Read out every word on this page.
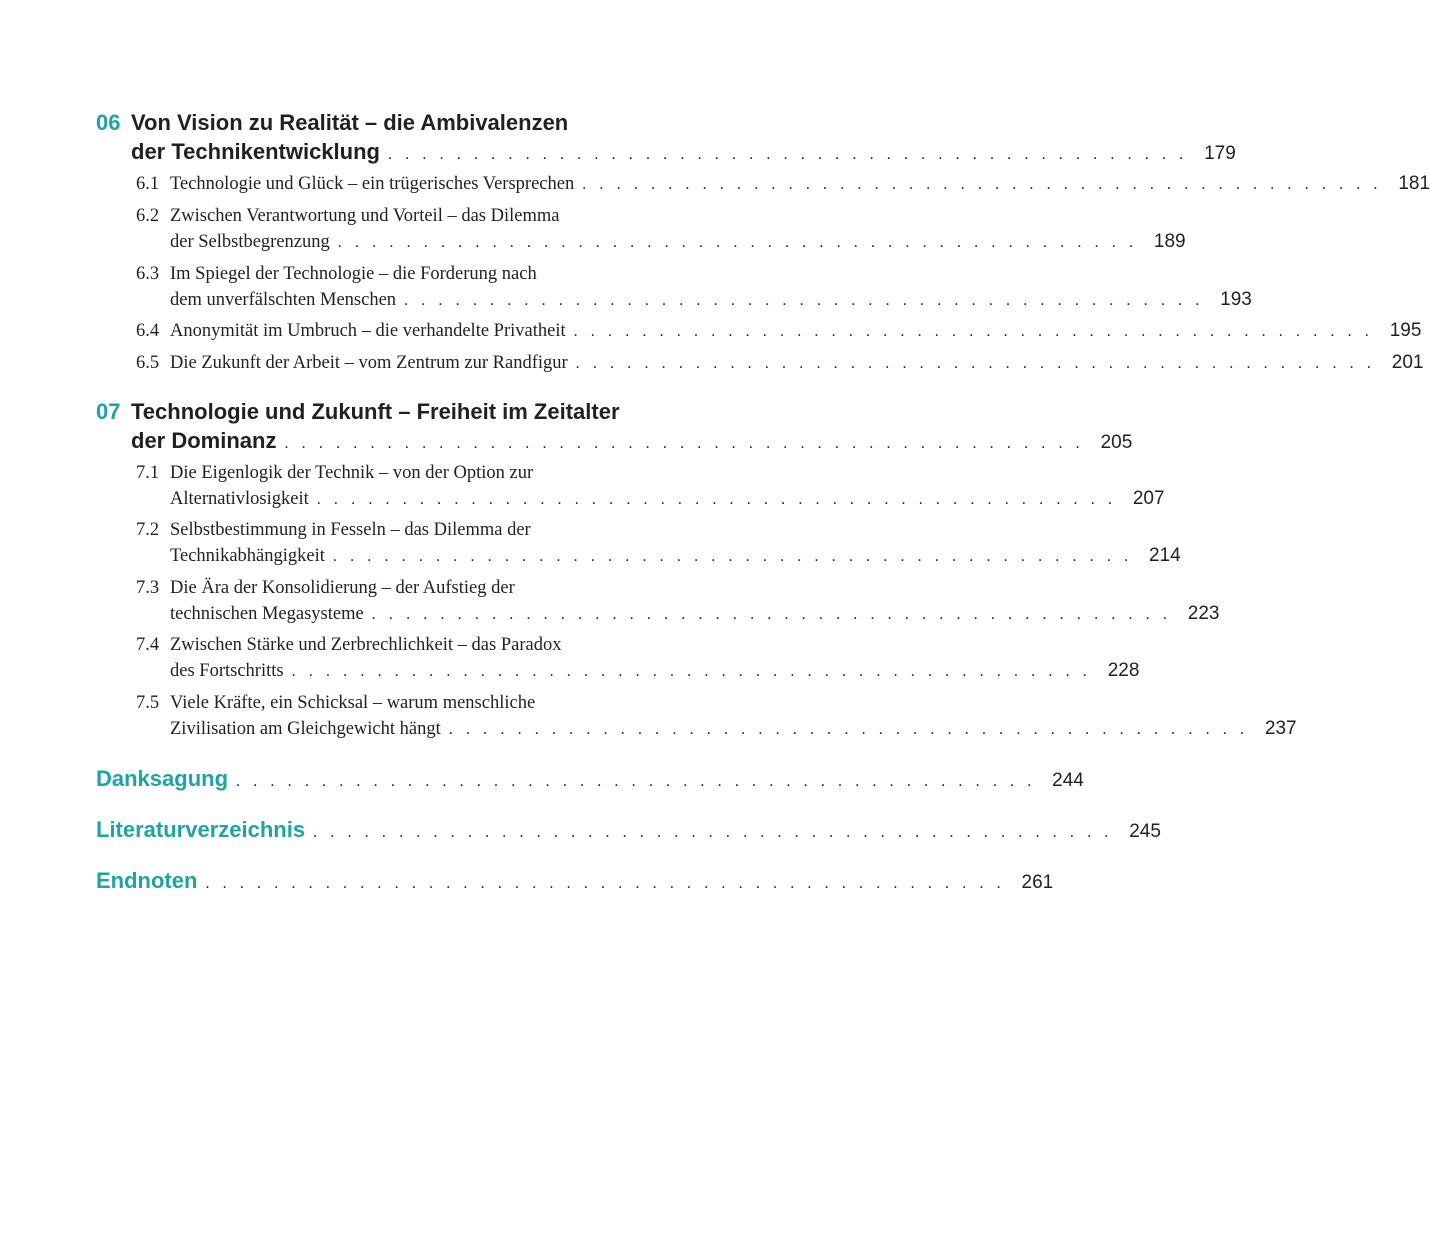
06 Von Vision zu Realität – die Ambivalenzen
der Technikentwicklung . . . . . . . . . . . . . . . . . . . . . . . . . . . . . . . . . . . . . . . . . . . . . . . 179
6.1 Technologie und Glück – ein trügerisches Versprechen . . . . . . . . . . . . . . . . . . . . . . . . . . . . . . . . . . . . . . . . . . . . . . . 181
6.2 Zwischen Verantwortung und Vorteil – das Dilemma
der Selbstbegrenzung . . . . . . . . . . . . . . . . . . . . . . . . . . . . . . . . . . . . . . . . . . . . . . . 189
6.3 Im Spiegel der Technologie – die Forderung nach
dem unverfälschten Menschen . . . . . . . . . . . . . . . . . . . . . . . . . . . . . . . . . . . . . . . . . . . . . . . 193
6.4 Anonymität im Umbruch – die verhandelte Privatheit . . . . . . . . . . . . . . . . . . . . . . . . . . . . . . . . . . . . . . . . . . . . . . . 195
6.5 Die Zukunft der Arbeit – vom Zentrum zur Randfigur . . . . . . . . . . . . . . . . . . . . . . . . . . . . . . . . . . . . . . . . . . . . . . . 201
07 Technologie und Zukunft – Freiheit im Zeitalter
der Dominanz . . . . . . . . . . . . . . . . . . . . . . . . . . . . . . . . . . . . . . . . . . . . . . . 205
7.1 Die Eigenlogik der Technik – von der Option zur
Alternativlosigkeit . . . . . . . . . . . . . . . . . . . . . . . . . . . . . . . . . . . . . . . . . . . . . . . 207
7.2 Selbstbestimmung in Fesseln – das Dilemma der
Technikabhängigkeit . . . . . . . . . . . . . . . . . . . . . . . . . . . . . . . . . . . . . . . . . . . . . . . 214
7.3 Die Ära der Konsolidierung – der Aufstieg der
technischen Megasysteme . . . . . . . . . . . . . . . . . . . . . . . . . . . . . . . . . . . . . . . . . . . . . . . 223
7.4 Zwischen Stärke und Zerbrechlichkeit – das Paradox
des Fortschritts . . . . . . . . . . . . . . . . . . . . . . . . . . . . . . . . . . . . . . . . . . . . . . . 228
7.5 Viele Kräfte, ein Schicksal – warum menschliche
Zivilisation am Gleichgewicht hängt . . . . . . . . . . . . . . . . . . . . . . . . . . . . . . . . . . . . . . . . . . . . . . . 237
Danksagung . . . . . . . . . . . . . . . . . . . . . . . . . . . . . . . . . . . . . . . . . . . . . . . 244
Literaturverzeichnis . . . . . . . . . . . . . . . . . . . . . . . . . . . . . . . . . . . . . . . . . . . . . . . 245
Endnoten . . . . . . . . . . . . . . . . . . . . . . . . . . . . . . . . . . . . . . . . . . . . . . . 261
